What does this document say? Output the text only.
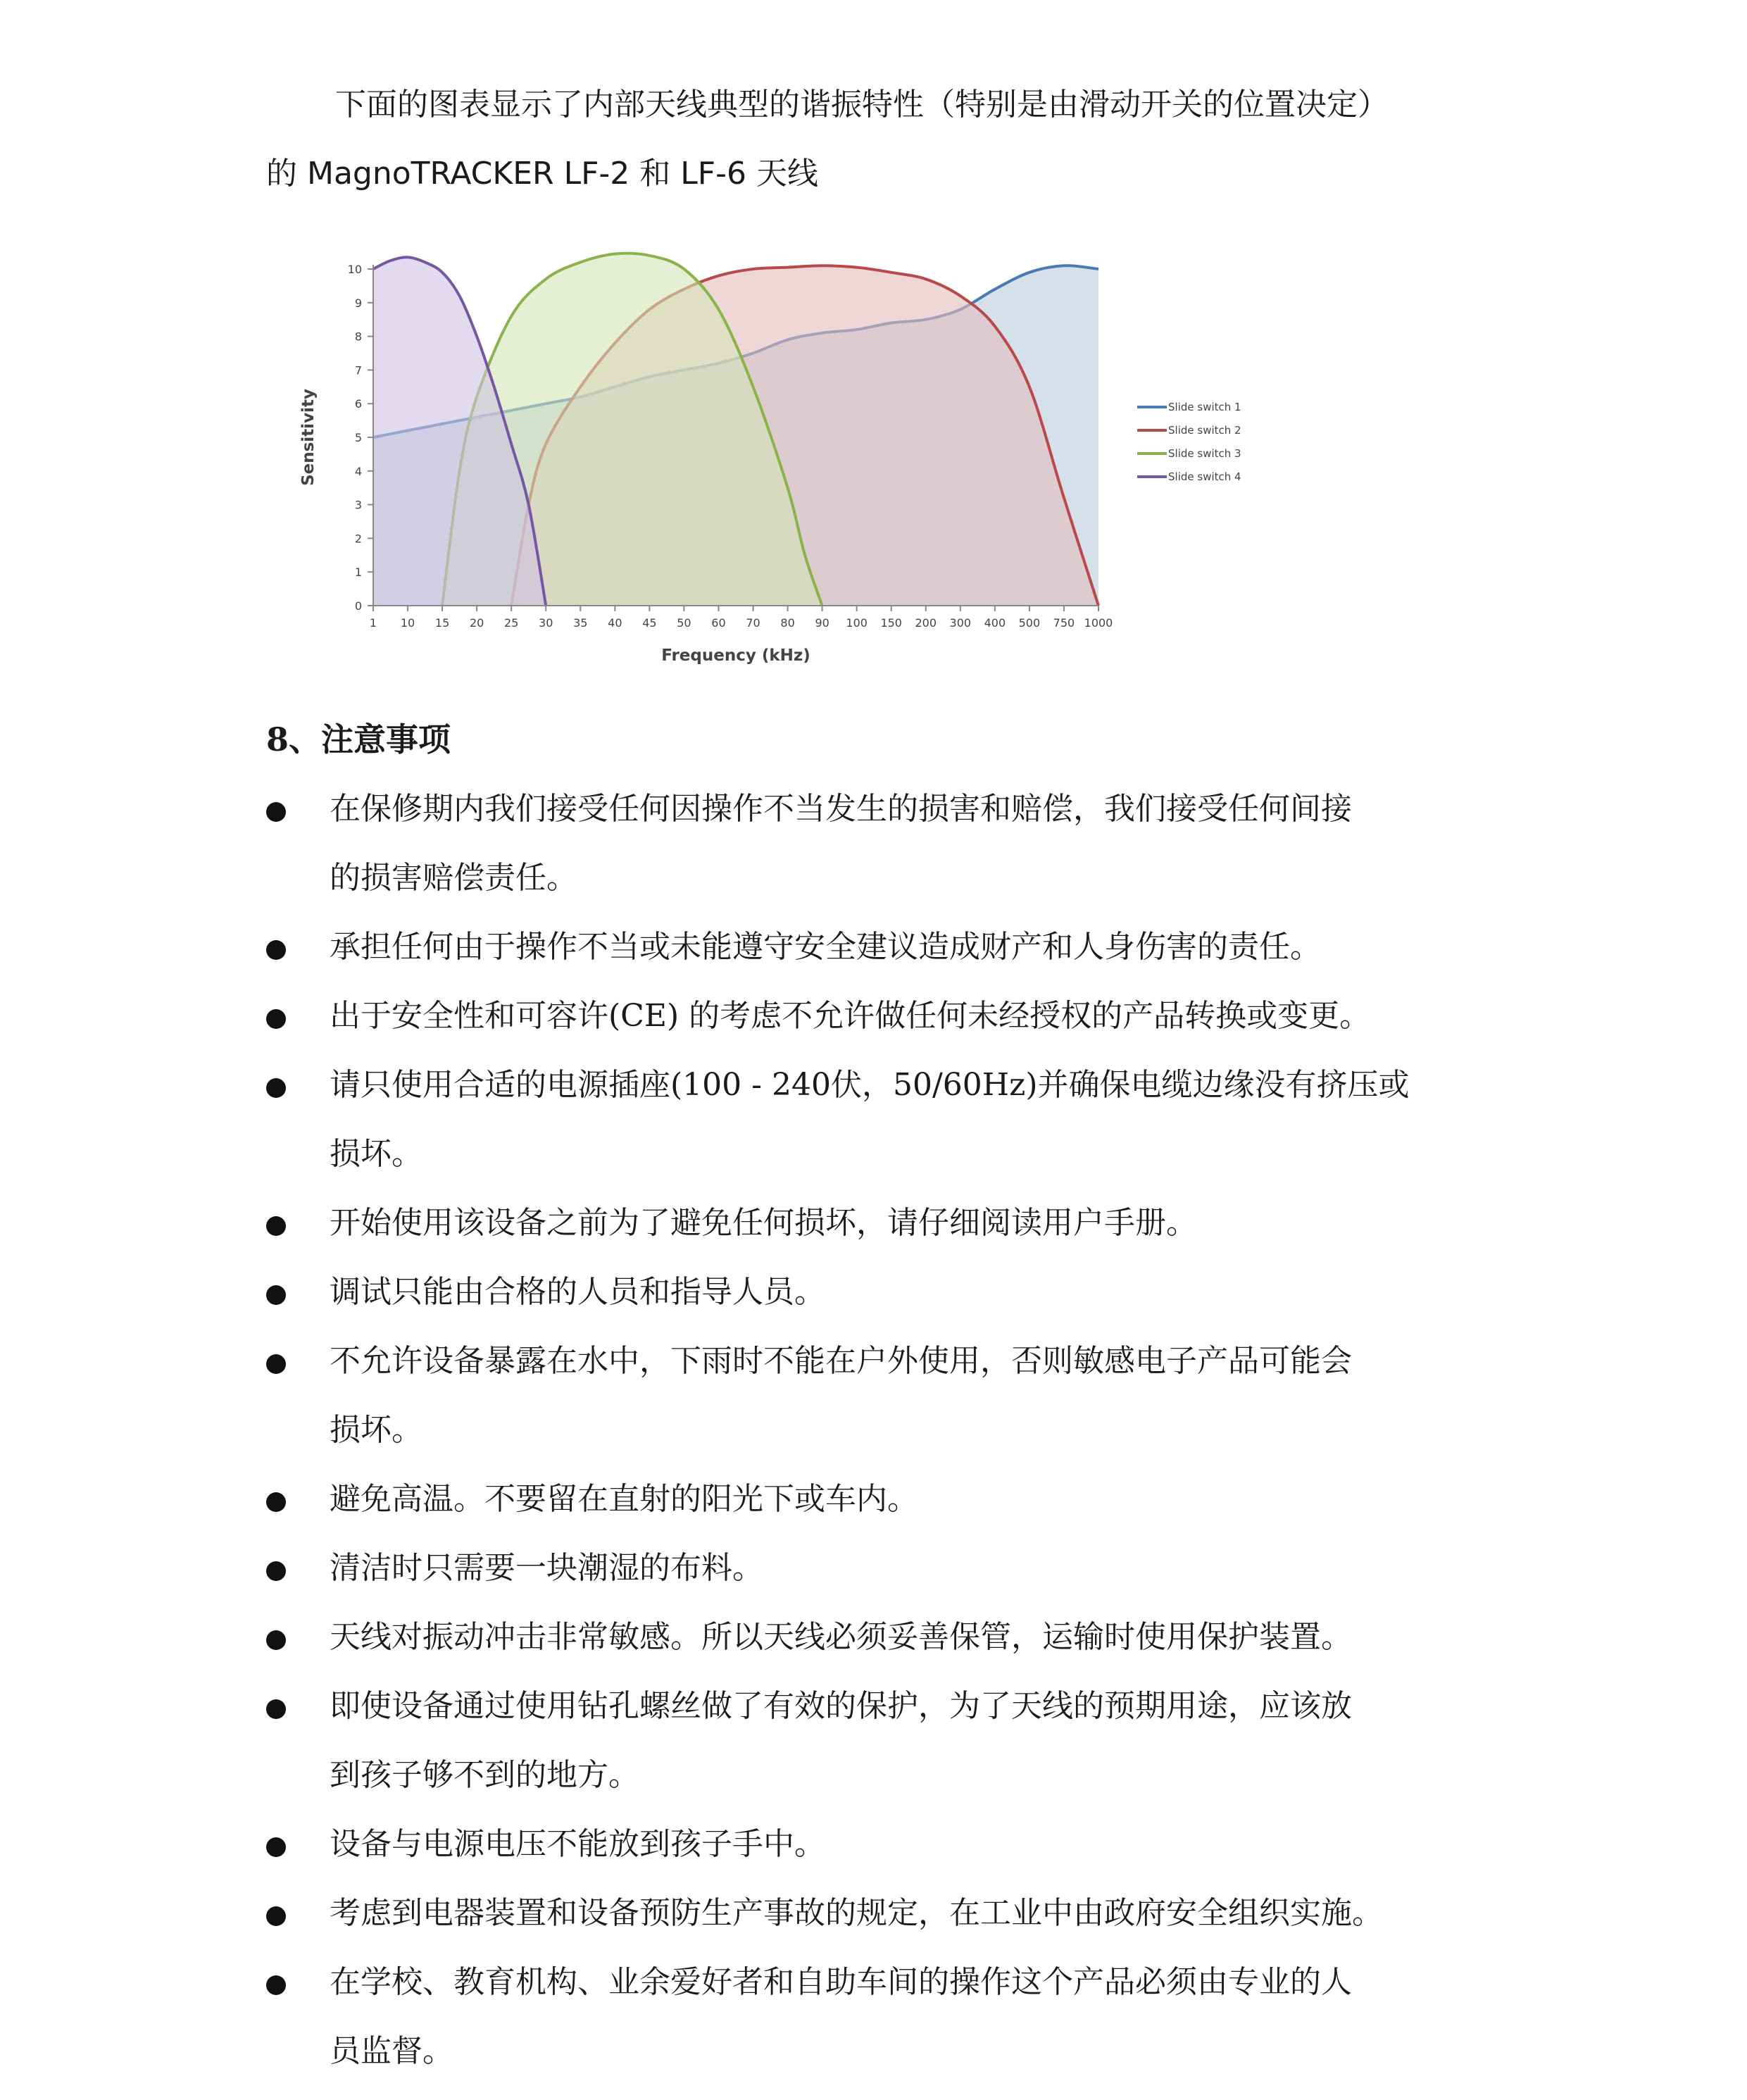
下面的图表显示了内部天线典型的谐振特性（特别是由滑动开关的位置决定）
的 MagnoTRACKER LF-2 和 LF-6 天线

0
1
2
3
4
5
6
7
8
9
10
1 10 15 20 25 30 35 40 45 50 60 70 80 90 100 150 200 300 400 500 750 1000
Frequency (kHz)
Sensitivity	Slide switch 1
Slide switch 2
Slide switch 3
Slide switch 4
8、注意事项
在保修期内我们接受任何因操作不当发生的损害和赔偿，我们接受任何间接
的损害赔偿责任。
承担任何由于操作不当或未能遵守安全建议造成财产和人身伤害的责任。
出于安全性和可容许(CE) 的考虑不允许做任何未经授权的产品转换或变更。
请只使用合适的电源插座(100 - 240伏，50/60Hz)并确保电缆边缘没有挤压或
损坏。
开始使用该设备之前为了避免任何损坏，请仔细阅读用户手册。
调试只能由合格的人员和指导人员。
不允许设备暴露在水中，下雨时不能在户外使用，否则敏感电子产品可能会
损坏。
避免高温。不要留在直射的阳光下或车内。
清洁时只需要一块潮湿的布料。
天线对振动冲击非常敏感。所以天线必须妥善保管，运输时使用保护装置。
即使设备通过使用钻孔螺丝做了有效的保护，为了天线的预期用途，应该放
到孩子够不到的地方。
设备与电源电压不能放到孩子手中。
考虑到电器装置和设备预防生产事故的规定，在工业中由政府安全组织实施。
在学校、教育机构、业余爱好者和自助车间的操作这个产品必须由专业的人
员监督。
